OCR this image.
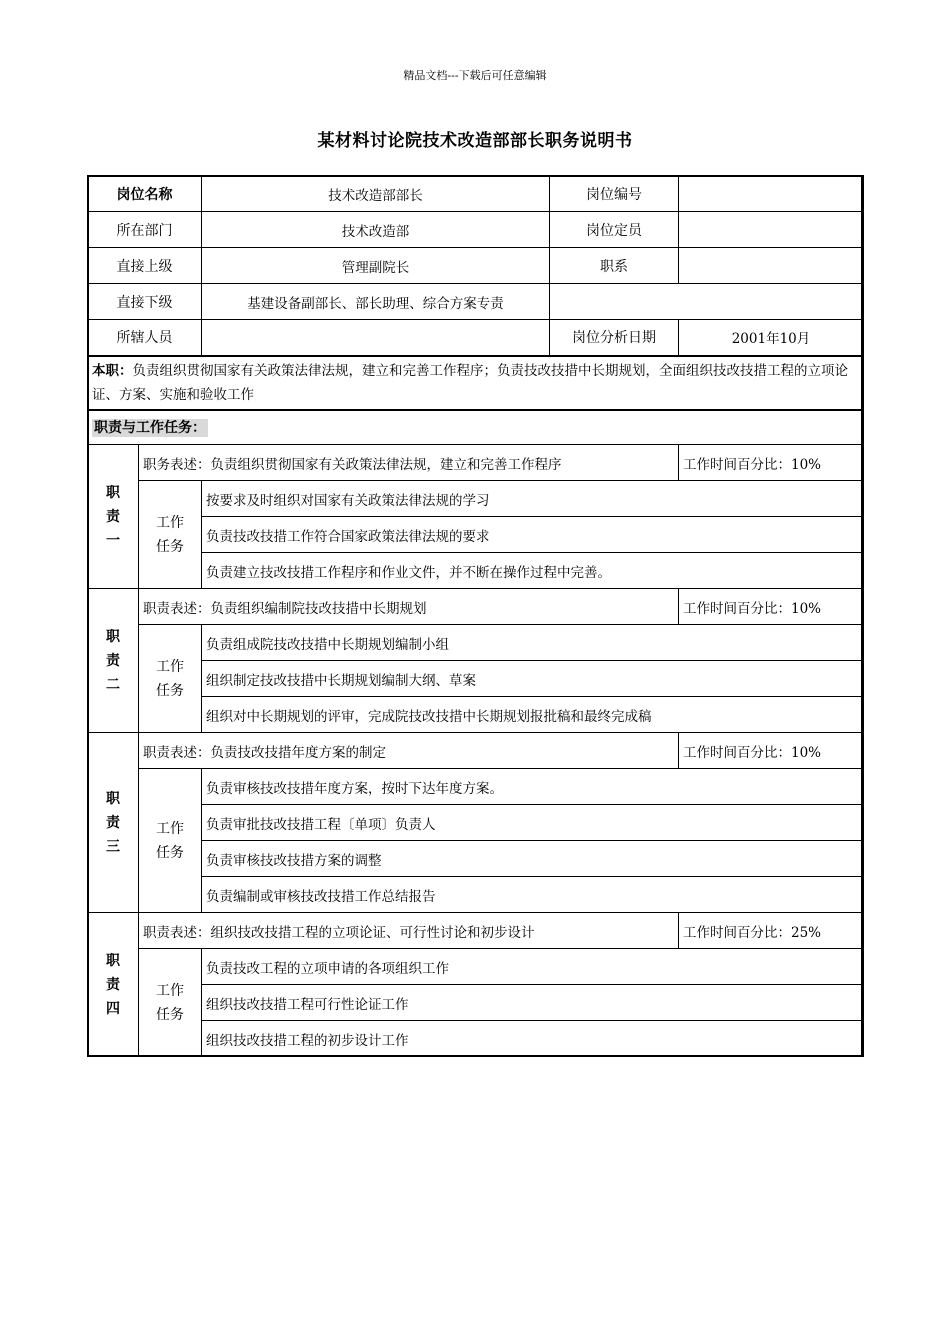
精品文档---下载后可任意编辑
某材料讨论院技术改造部部长职务说明书
岗位名称		技术改造部部长	岗位编号	
所在部门		技术改造部	岗位定员	
直接上级		管理副院长	职系	
直接下级		基建设备副部长、部长助理、综合方案专责		
所辖人员			岗位分析日期	2001年10月
本职：负责组织贯彻国家有关政策法律法规，建立和完善工作程序；负责技改技措中长期规划，全面组织技改技措工程的立项论证、方案、实施和验收工作				
职责与工作任务：				
职
责
一	职务表述：负责组织贯彻国家有关政策法律法规，建立和完善工作程序			工作时间百分比：10%
	工作
任务	按要求及时组织对国家有关政策法律法规的学习		
		负责技改技措工作符合国家政策法律法规的要求		
		负责建立技改技措工作程序和作业文件，并不断在操作过程中完善。		
职
责
二	职责表述：负责组织编制院技改技措中长期规划			工作时间百分比：10%
	工作
任务	负责组成院技改技措中长期规划编制小组		
		组织制定技改技措中长期规划编制大纲、草案		
		组织对中长期规划的评审，完成院技改技措中长期规划报批稿和最终完成稿		
职
责
三	职责表述：负责技改技措年度方案的制定			工作时间百分比：10%
	工作
任务	负责审核技改技措年度方案，按时下达年度方案。		
		负责审批技改技措工程〔单项〕负责人		
		负责审核技改技措方案的调整		
		负责编制或审核技改技措工作总结报告		
职
责
四	职责表述：组织技改技措工程的立项论证、可行性讨论和初步设计			工作时间百分比：25%
	工作
任务	负责技改工程的立项申请的各项组织工作		
		组织技改技措工程可行性论证工作		
		组织技改技措工程的初步设计工作		
